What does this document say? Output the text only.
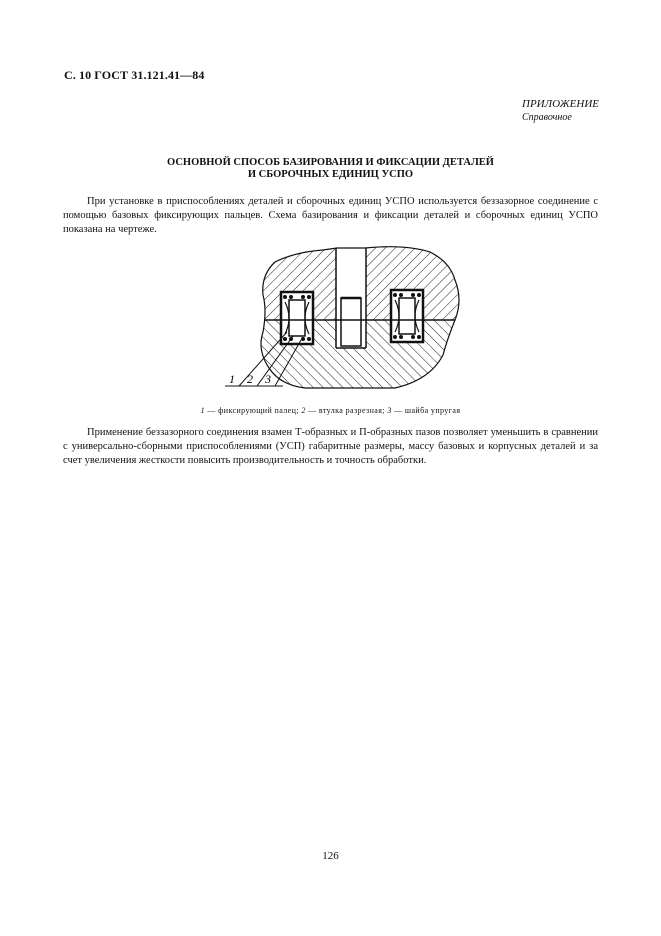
С. 10 ГОСТ 31.121.41—84
ПРИЛОЖЕНИЕ
Справочное
ОСНОВНОЙ СПОСОБ БАЗИРОВАНИЯ И ФИКСАЦИИ ДЕТАЛЕЙ
И СБОРОЧНЫХ ЕДИНИЦ УСПО
При установке в приспособлениях деталей и сборочных единиц УСПО используется беззазорное соединение с помощью базовых фиксирующих пальцев. Схема базирования и фиксации деталей и сборочных единиц УСПО показана на чертеже.
1 2 3
1 — фиксирующий палец; 2 — втулка разрезная; 3 — шайба упругая
Применение беззазорного соединения взамен Т-образных и П-образных пазов позволяет уменьшить в сравнении с универсально-сборными приспособлениями (УСП) габаритные размеры, массу базовых и корпусных деталей и за счет увеличения жесткости повысить производительность и точность обработки.
126
